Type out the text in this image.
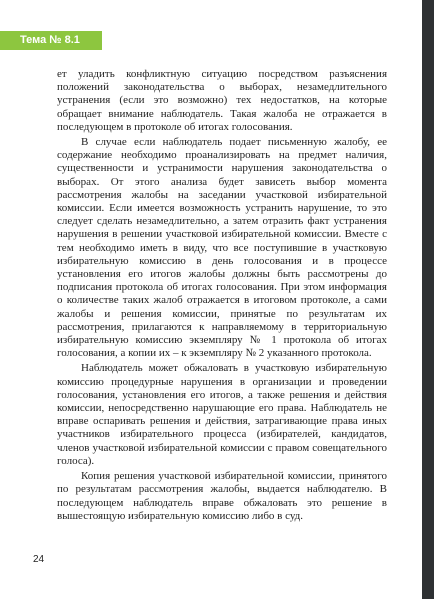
Тема № 8.1

ет уладить конфликтную ситуацию посредством разъяснения положений законодательства о выборах, незамедлительного устранения (если это возможно) тех недостатков, на которые обращает внимание наблюдатель. Такая жалоба не отражается в последующем в протоколе об итогах голосования.

В случае если наблюдатель подает письменную жалобу, ее содержание необходимо проанализировать на предмет наличия, существенности и устранимости нарушения законодательства о выборах. От этого анализа будет зависеть выбор момента рассмотрения жалобы на заседании участковой избирательной комиссии. Если имеется возможность устранить нарушение, то это следует сделать незамедлительно, а затем отразить факт устранения нарушения в решении участковой избирательной комиссии. Вместе с тем необходимо иметь в виду, что все поступившие в участковую избирательную комиссию в день голосования и в процессе установления его итогов жалобы должны быть рассмотрены до подписания протокола об итогах голосования. При этом информация о количестве таких жалоб отражается в итоговом протоколе, а сами жалобы и решения комиссии, принятые по результатам их рассмотрения, прилагаются к направляемому в территориальную избирательную комиссию экземпляру № 1 протокола об итогах голосования, а копии их – к экземпляру № 2 указанного протокола.

Наблюдатель может обжаловать в участковую избирательную комиссию процедурные нарушения в организации и проведении голосования, установления его итогов, а также решения и действия комиссии, непосредственно нарушающие его права. Наблюдатель не вправе оспаривать решения и действия, затрагивающие права иных участников избирательного процесса (избирателей, кандидатов, членов участковой избирательной комиссии с правом совещательного голоса).

Копия решения участковой избирательной комиссии, принятого по результатам рассмотрения жалобы, выдается наблюдателю. В последующем наблюдатель вправе обжаловать это решение в вышестоящую избирательную комиссию либо в суд.

24
